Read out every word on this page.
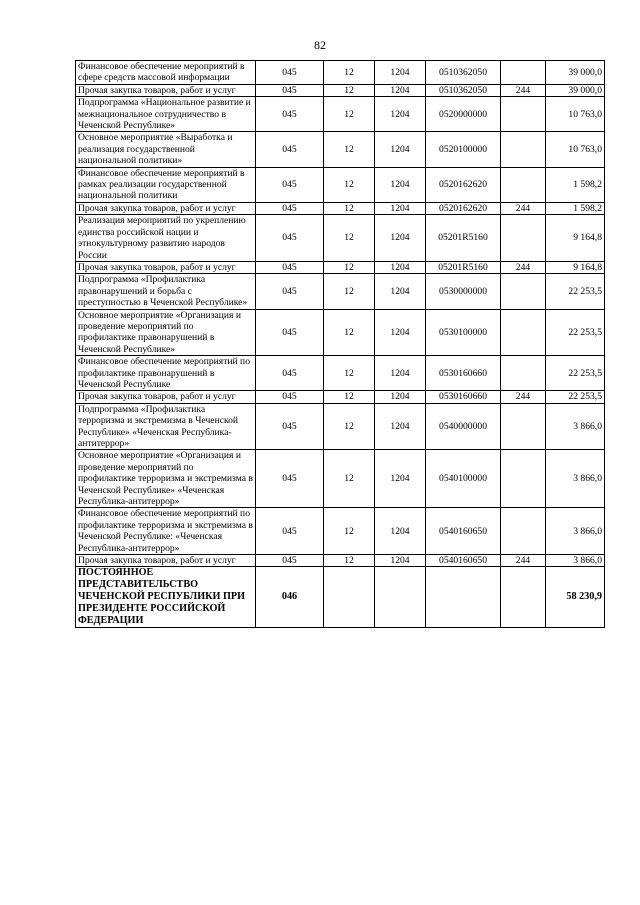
82
Финансовое обеспечение мероприятий в сфере средств массовой информации	045	12	1204	0510362050		39 000,0
Прочая закупка товаров, работ и услуг	045	12	1204	0510362050	244	39 000,0
Подпрограмма «Национальное развитие и межнациональное сотрудничество в Чеченской Республике»	045	12	1204	0520000000		10 763,0
Основное мероприятие «Выработка и реализация государственной национальной политики»	045	12	1204	0520100000		10 763,0
Финансовое обеспечение мероприятий в рамках реализации государственной национальной политики	045	12	1204	0520162620		1 598,2
Прочая закупка товаров, работ и услуг	045	12	1204	0520162620	244	1 598,2
Реализация мероприятий по укреплению единства российской нации и этнокультурному развитию народов России	045	12	1204	05201R5160		9 164,8
Прочая закупка товаров, работ и услуг	045	12	1204	05201R5160	244	9 164,8
Подпрограмма «Профилактика правонарушений и борьба с преступностью в Чеченской Республике»	045	12	1204	0530000000		22 253,5
Основное мероприятие «Организация и проведение мероприятий по профилактике правонарушений в Чеченской Республике»	045	12	1204	0530100000		22 253,5
Финансовое обеспечение мероприятий по профилактике правонарушений в Чеченской Республике	045	12	1204	0530160660		22 253,5
Прочая закупка товаров, работ и услуг	045	12	1204	0530160660	244	22 253,5
Подпрограмма «Профилактика терроризма и экстремизма в Чеченской Республике» «Чеченская Республика-антитеррор»	045	12	1204	0540000000		3 866,0
Основное мероприятие «Организация и проведение мероприятий по профилактике терроризма и экстремизма в Чеченской Республике» «Чеченская Республика-антитеррор»	045	12	1204	0540100000		3 866,0
Финансовое обеспечение мероприятий по профилактике терроризма и экстремизма в Чеченской Республике: «Чеченская Республика-антитеррор»	045	12	1204	0540160650		3 866,0
Прочая закупка товаров, работ и услуг	045	12	1204	0540160650	244	3 866,0
ПОСТОЯННОЕ ПРЕДСТАВИТЕЛЬСТВО ЧЕЧЕНСКОЙ РЕСПУБЛИКИ ПРИ ПРЕЗИДЕНТЕ РОССИЙСКОЙ ФЕДЕРАЦИИ	046					58 230,9
